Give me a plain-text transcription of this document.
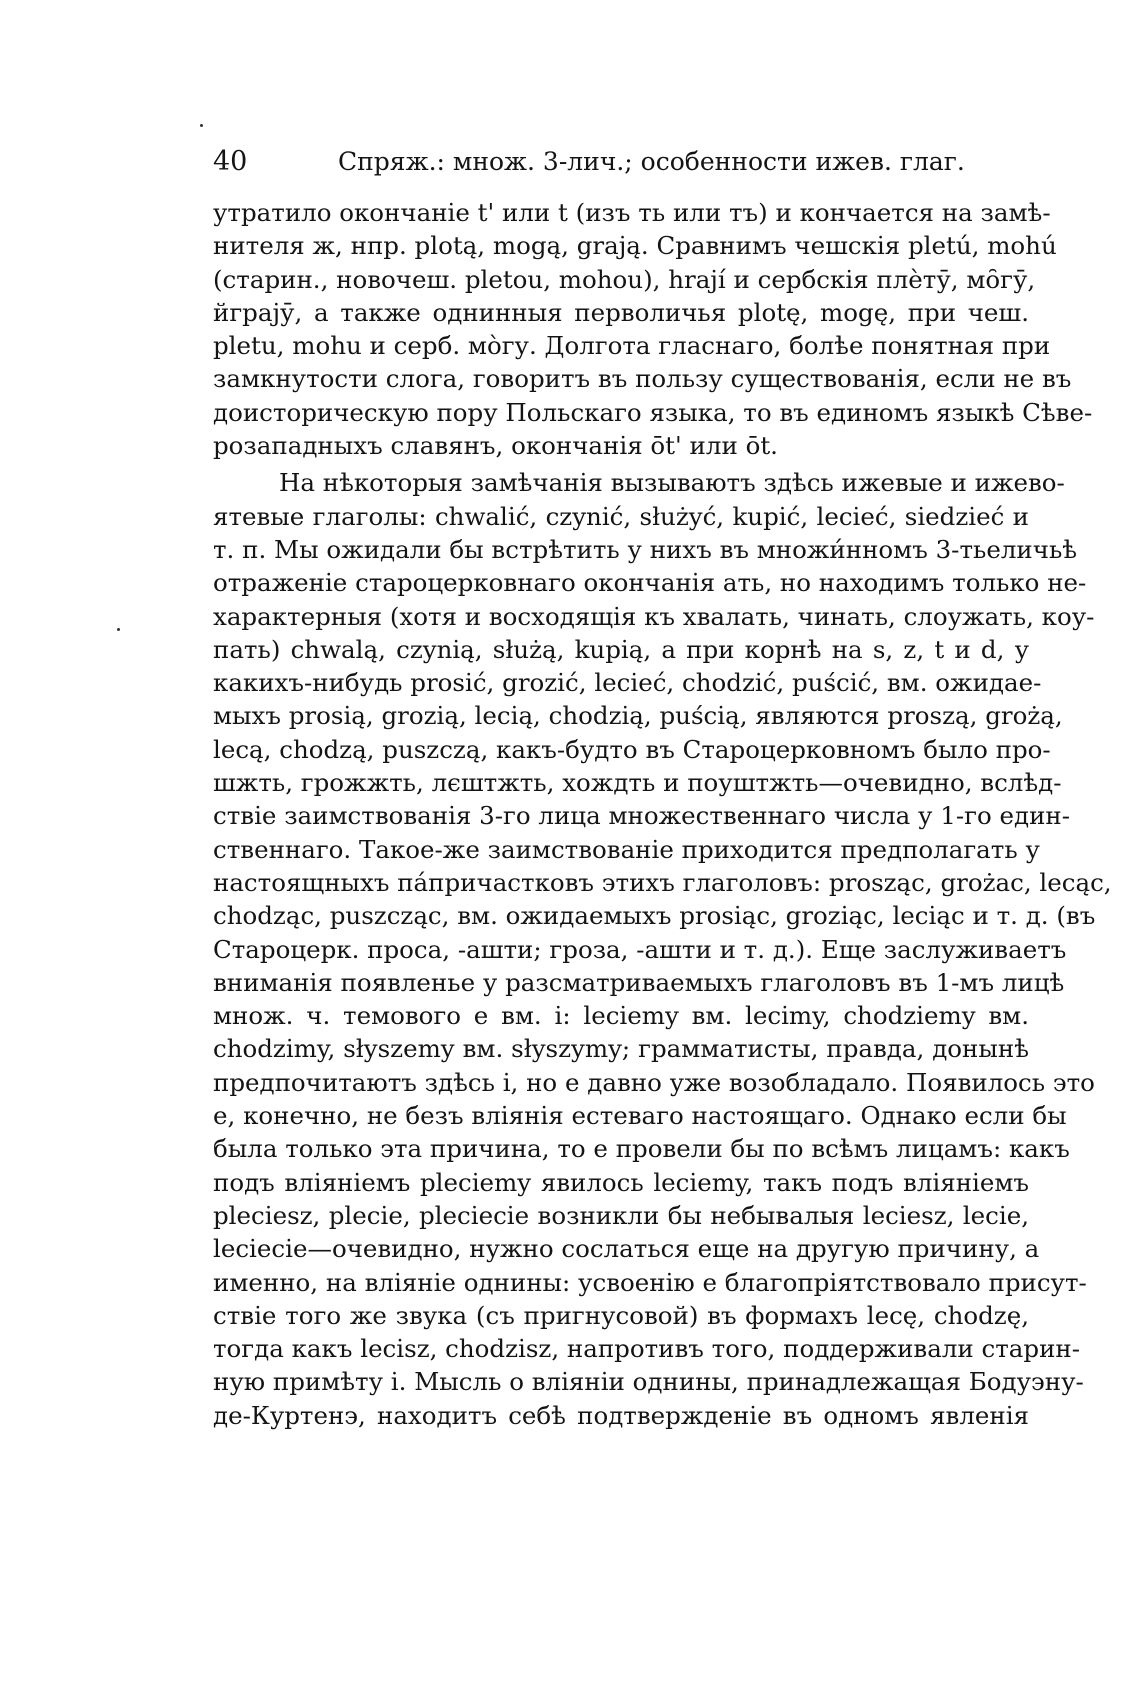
40	Спряж.: множ. 3-лич.; особенности ижев. глаг.
утратило окончаніе t' или t (изъ ть или тъ) и кончается на замѣ-
нителя ж, нпр. plotą, mogą, grają. Сравнимъ чешскія pletú, mohú
(старин., новочеш. pletou, mohou), hrají и сербскія плèтӯ, мо̑гӯ,
йграјӯ, а также однинныя перволичья plotę, mogę, при чеш.
pletu, mohu и серб. мо̀гу. Долгота гласнаго, болѣе понятная при
замкнутости слога, говоритъ въ пользу существованія, если не въ
доисторическую пору Польскаго языка, то въ единомъ языкѣ Сѣве-
розападныхъ славянъ, окончанія ōt' или ōt.
На нѣкоторыя замѣчанія вызываютъ здѣсь ижевые и ижево-
ятевые глаголы: chwalić, czynić, służyć, kupić, lecieć, siedzieć и
т. п. Мы ожидали бы встрѣтить у нихъ въ множи́нномъ 3-тьеличьѣ
отраженіе староцерковнаго окончанія ать, но находимъ только не-
характерныя (хотя и восходящія къ хвалать, чинать, слоужать, коу-
пать) chwalą, czynią, służą, kupią, а при корнѣ на s, z, t и d, у
какихъ-нибудь prosić, grozić, lecieć, chodzić, puścić, вм. ожидае-
мыхъ prosią, grozią, lecią, chodzią, puścią, являются proszą, grożą,
lecą, chodzą, puszczą, какъ-будто въ Староцерковномъ было про-
шжть, грожжть, лєштжть, хождть и поуштжть—очевидно, вслѣд-
ствіе заимствованія 3-го лица множественнаго числа у 1-го един-
ственнаго. Такое-же заимствованіе приходится предполагать у
настоящныхъ па́причастковъ этихъ глаголовъ: prosząc, grożac, lecąc,
chodząc, puszcząc, вм. ожидаемыхъ prosiąc, groziąc, leciąc и т. д. (въ
Староцерк. проса, -ашти; гроза, -ашти и т. д.). Еще заслуживаетъ
вниманія появленье у разсматриваемыхъ глаголовъ въ 1-мъ лицѣ
множ. ч. темового e вм. i: leciemy вм. lecimy, chodziemy вм.
chodzimy, słyszemy вм. słyszymy; грамматисты, правда, донынѣ
предпочитаютъ здѣсь i, но e давно уже возобладало. Появилось это
e, конечно, не безъ вліянія естеваго настоящаго. Однако если бы
была только эта причина, то e провели бы по всѣмъ лицамъ: какъ
подъ вліяніемъ pleciemy явилось leciemy, такъ подъ вліяніемъ
pleciesz, plecie, pleciecie возникли бы небывалыя leciesz, lecie,
leciecie—очевидно, нужно сослаться еще на другую причину, а
именно, на вліяніе однины: усвоенію e благопріятствовало присут-
ствіе того же звука (съ пригнусовой) въ формахъ lecę, chodzę,
тогда какъ lecisz, chodzisz, напротивъ того, поддерживали старин-
ную примѣту i. Мысль о вліяніи однины, принадлежащая Бодуэну-
де-Куртенэ, находитъ себѣ подтвержденіе въ одномъ явленія
